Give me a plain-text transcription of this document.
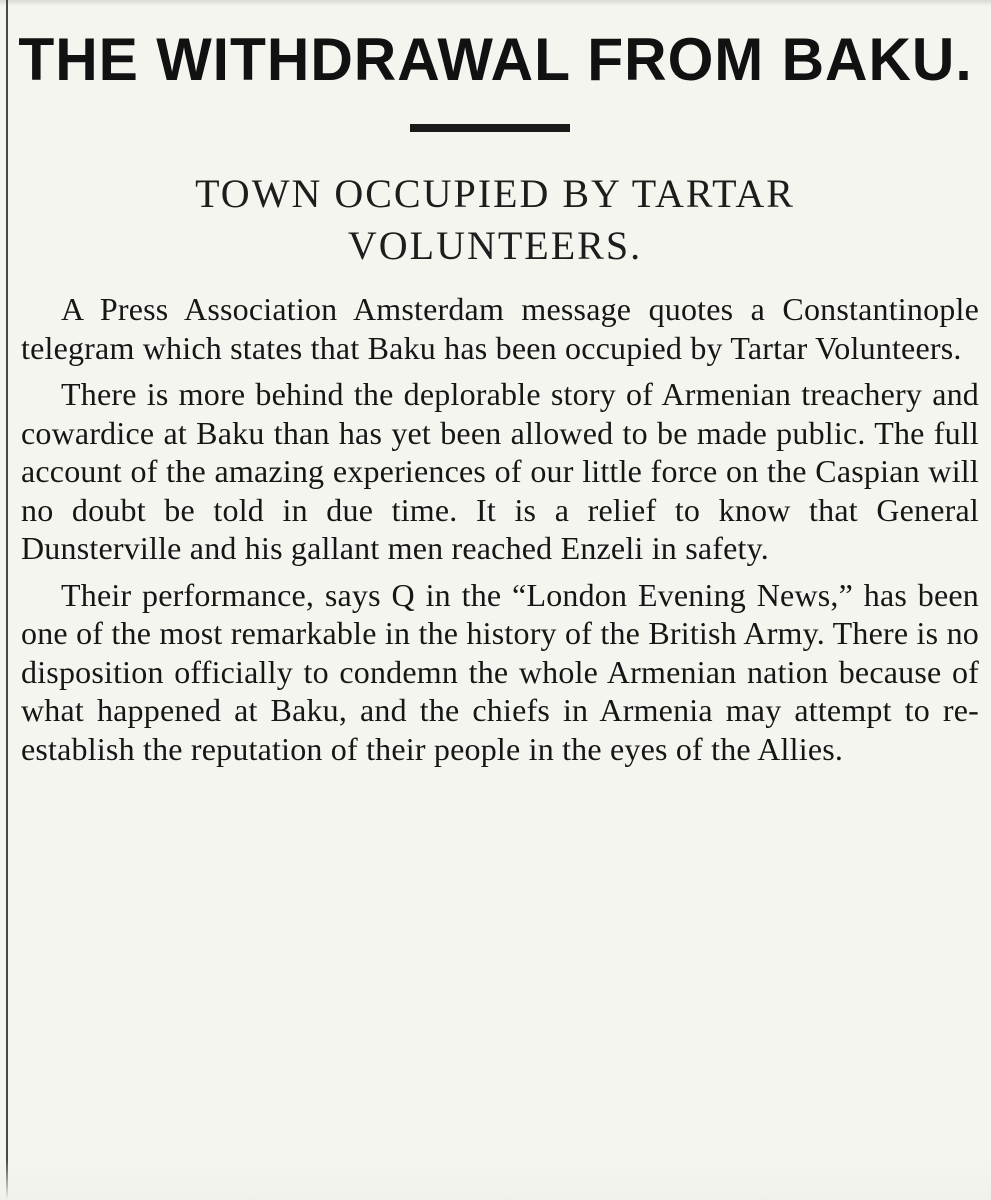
THE WITHDRAWAL FROM BAKU.
TOWN OCCUPIED BY TARTAR VOLUNTEERS.

A Press Association Amsterdam message quotes a Constantinople telegram which states that Baku has been occupied by Tartar Volunteers.

There is more behind the deplorable story of Armenian treachery and cowardice at Baku than has yet been allowed to be made public. The full account of the amazing experiences of our little force on the Caspian will no doubt be told in due time. It is a relief to know that General Dunsterville and his gallant men reached Enzeli in safety.

Their performance, says Q in the “London Evening News,” has been one of the most remarkable in the history of the British Army. There is no disposition officially to condemn the whole Armenian nation because of what happened at Baku, and the chiefs in Armenia may attempt to re-establish the reputation of their people in the eyes of the Allies.
